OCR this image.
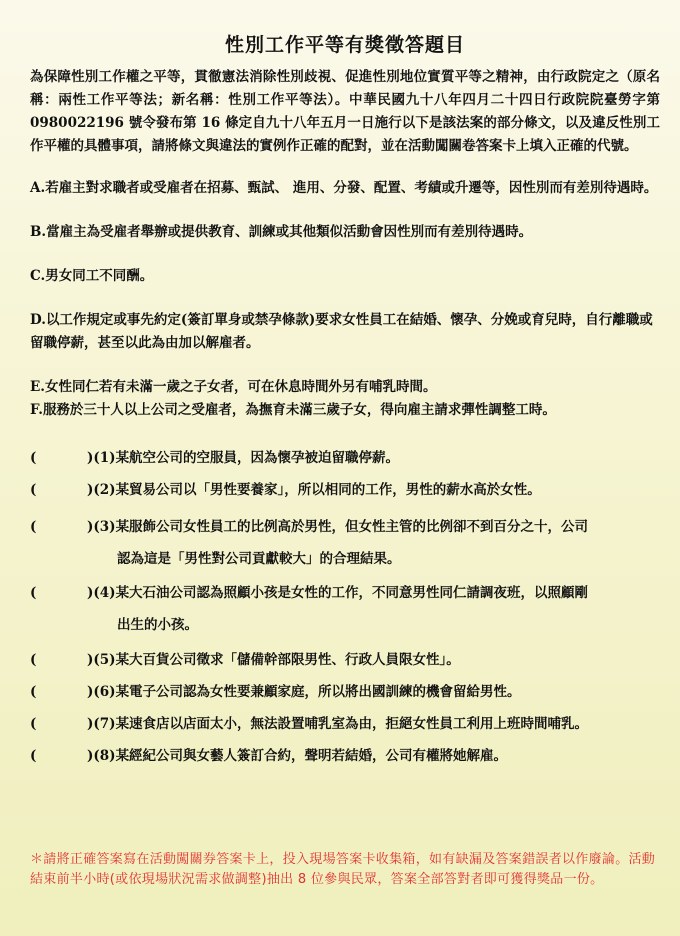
性別工作平等有獎徵答題目

為保障性別工作權之平等，貫徹憲法消除性別歧視、促進性別地位實質平等之精神，由行政院定之（原名稱：兩性工作平等法；新名稱：性別工作平等法）。中華民國九十八年四月二十四日行政院院臺勞字第 0980022196 號令發布第 16 條定自九十八年五月一日施行以下是該法案的部分條文，以及違反性別工作平權的具體事項，請將條文與違法的實例作正確的配對，並在活動闖關卷答案卡上填入正確的代號。

A.若雇主對求職者或受雇者在招募、甄試、 進用、分發、配置、考績或升遷等，因性別而有差別待遇時。

B.當雇主為受雇者舉辦或提供教育、訓練或其他類似活動會因性別而有差別待遇時。

C.男女同工不同酬。

D.以工作規定或事先約定(簽訂單身或禁孕條款)要求女性員工在結婚、懷孕、分娩或育兒時，自行離職或留職停薪，甚至以此為由加以解雇者。

E.女性同仁若有未滿一歲之子女者，可在休息時間外另有哺乳時間。

F.服務於三十人以上公司之受雇者，為撫育未滿三歲子女，得向雇主請求彈性調整工時。

(	)(1)某航空公司的空服員，因為懷孕被迫留職停薪。
(	)(2)某貿易公司以「男性要養家」，所以相同的工作，男性的薪水高於女性。
(	)(3)某服飾公司女性員工的比例高於男性，但女性主管的比例卻不到百分之十，公司
認為這是「男性對公司貢獻較大」的合理結果。
(	)(4)某大石油公司認為照顧小孩是女性的工作，不同意男性同仁請調夜班，以照顧剛
出生的小孩。
(	)(5)某大百貨公司徵求「儲備幹部限男性、行政人員限女性」。
(	)(6)某電子公司認為女性要兼顧家庭，所以將出國訓練的機會留給男性。
(	)(7)某速食店以店面太小，無法設置哺乳室為由，拒絕女性員工利用上班時間哺乳。
(	)(8)某經紀公司與女藝人簽訂合約，聲明若結婚，公司有權將她解雇。
＊請將正確答案寫在活動闖關券答案卡上，投入現場答案卡收集箱，如有缺漏及答案錯誤者以作廢論。活動結束前半小時(或依現場狀況需求做調整)抽出 8 位參與民眾，答案全部答對者即可獲得獎品一份。
